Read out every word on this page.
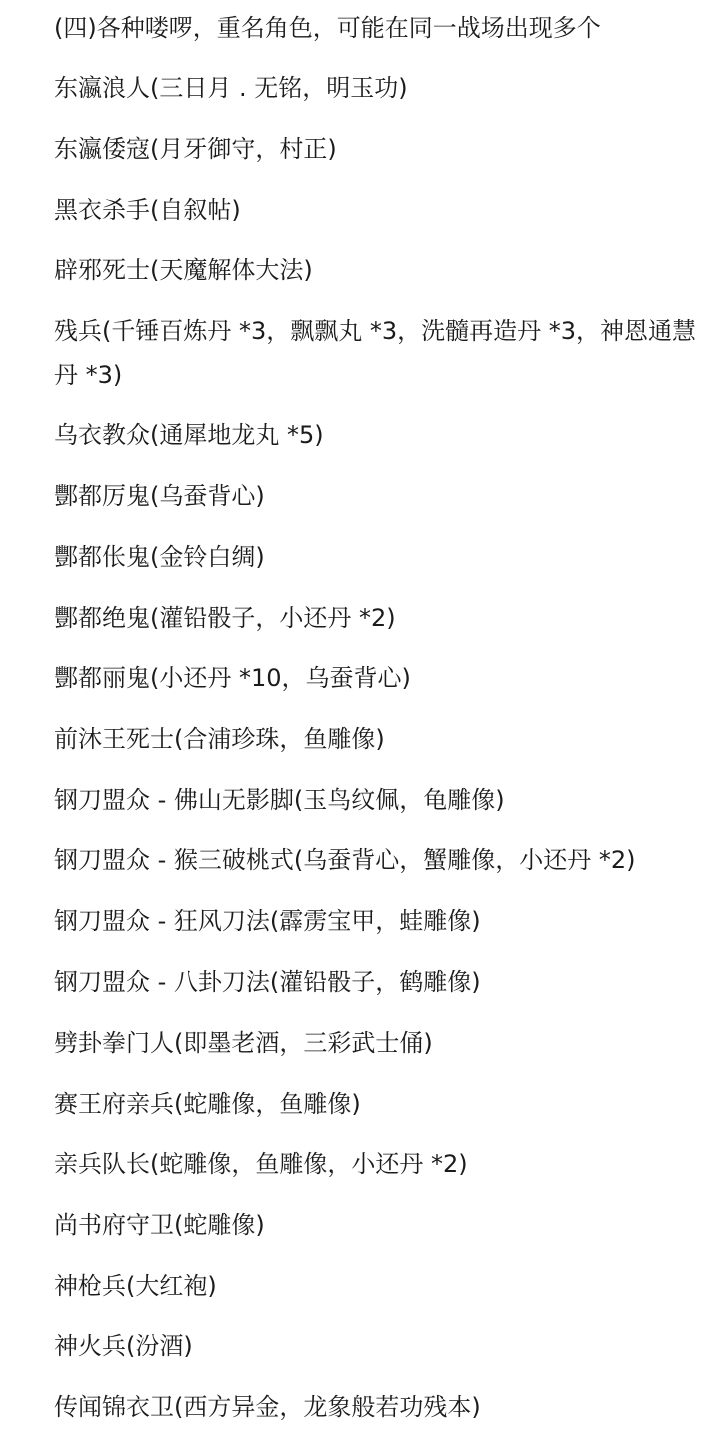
(四)各种喽啰，重名角色，可能在同一战场出现多个
东瀛浪人(三日月 . 无铭，明玉功)
东瀛倭寇(月牙御守，村正)
黑衣杀手(自叙帖)
辟邪死士(天魔解体大法)
残兵(千锤百炼丹 *3，飘飘丸 *3，洗髓再造丹 *3，神恩通慧丹 *3)
乌衣教众(通犀地龙丸 *5)
酆都厉鬼(乌蚕背心)
酆都伥鬼(金铃白绸)
酆都绝鬼(灌铅骰子，小还丹 *2)
酆都丽鬼(小还丹 *10，乌蚕背心)
前沐王死士(合浦珍珠，鱼雕像)
钢刀盟众 - 佛山无影脚(玉鸟纹佩，龟雕像)
钢刀盟众 - 猴三破桃式(乌蚕背心，蟹雕像，小还丹 *2)
钢刀盟众 - 狂风刀法(霹雳宝甲，蛙雕像)
钢刀盟众 - 八卦刀法(灌铅骰子，鹤雕像)
劈卦拳门人(即墨老酒，三彩武士俑)
赛王府亲兵(蛇雕像，鱼雕像)
亲兵队长(蛇雕像，鱼雕像，小还丹 *2)
尚书府守卫(蛇雕像)
神枪兵(大红袍)
神火兵(汾酒)
传闻锦衣卫(西方异金，龙象般若功残本)
